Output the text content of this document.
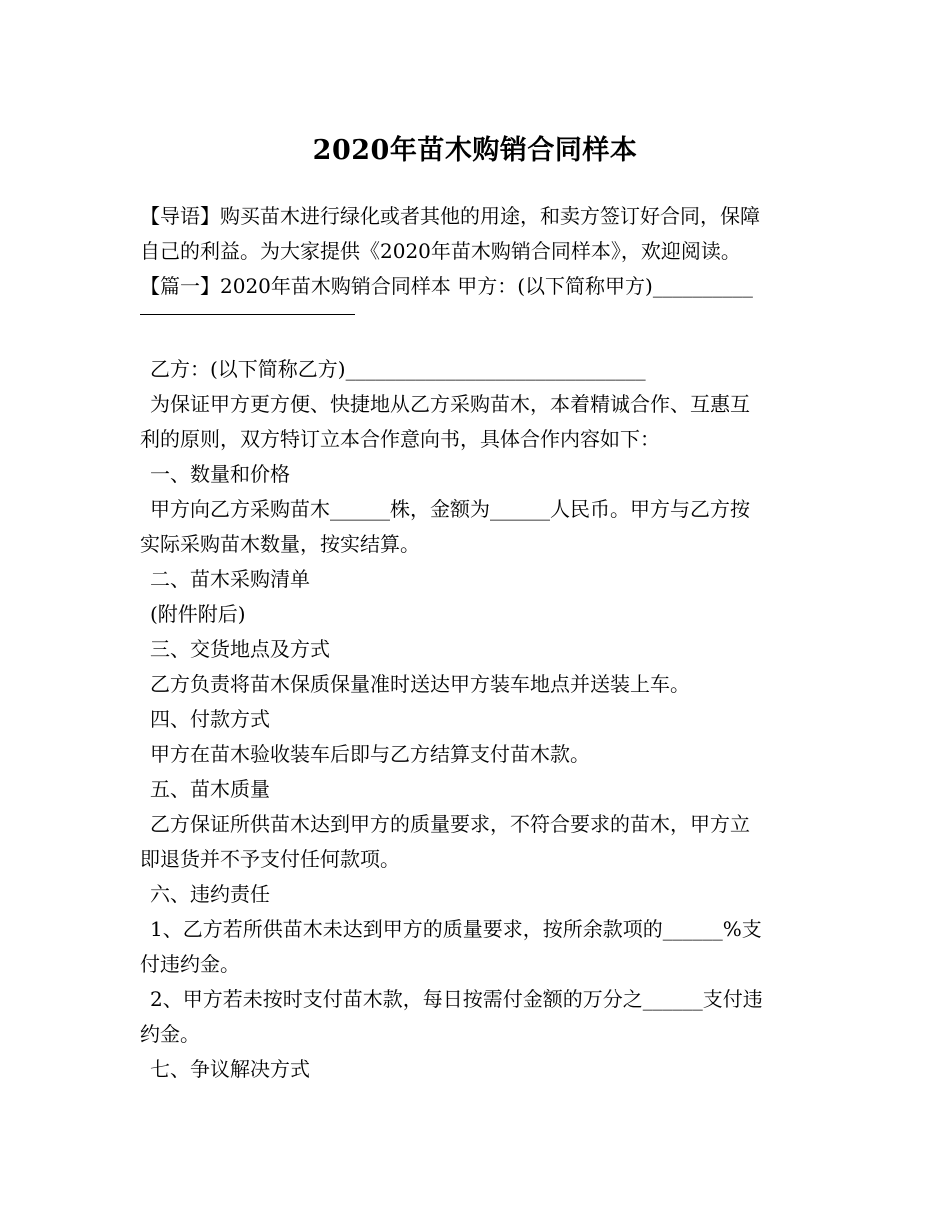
2020年苗木购销合同样本
【导语】购买苗木进行绿化或者其他的用途，和卖方签订好合同，保障
自己的利益。为大家提供《2020年苗木购销合同样本》，欢迎阅读。
【篇一】2020年苗木购销合同样本 甲方：(以下简称甲方)__________
乙方：(以下简称乙方)______________________________
为保证甲方更方便、快捷地从乙方采购苗木，本着精诚合作、互惠互
利的原则，双方特订立本合作意向书，具体合作内容如下：
一、数量和价格
甲方向乙方采购苗木______株，金额为______人民币。甲方与乙方按
实际采购苗木数量，按实结算。
二、苗木采购清单
(附件附后)
三、交货地点及方式
乙方负责将苗木保质保量准时送达甲方装车地点并送装上车。
四、付款方式
甲方在苗木验收装车后即与乙方结算支付苗木款。
五、苗木质量
乙方保证所供苗木达到甲方的质量要求，不符合要求的苗木，甲方立
即退货并不予支付任何款项。
六、违约责任
1、乙方若所供苗木未达到甲方的质量要求，按所余款项的______%支
付违约金。
2、甲方若未按时支付苗木款，每日按需付金额的万分之______支付违
约金。
七、争议解决方式
